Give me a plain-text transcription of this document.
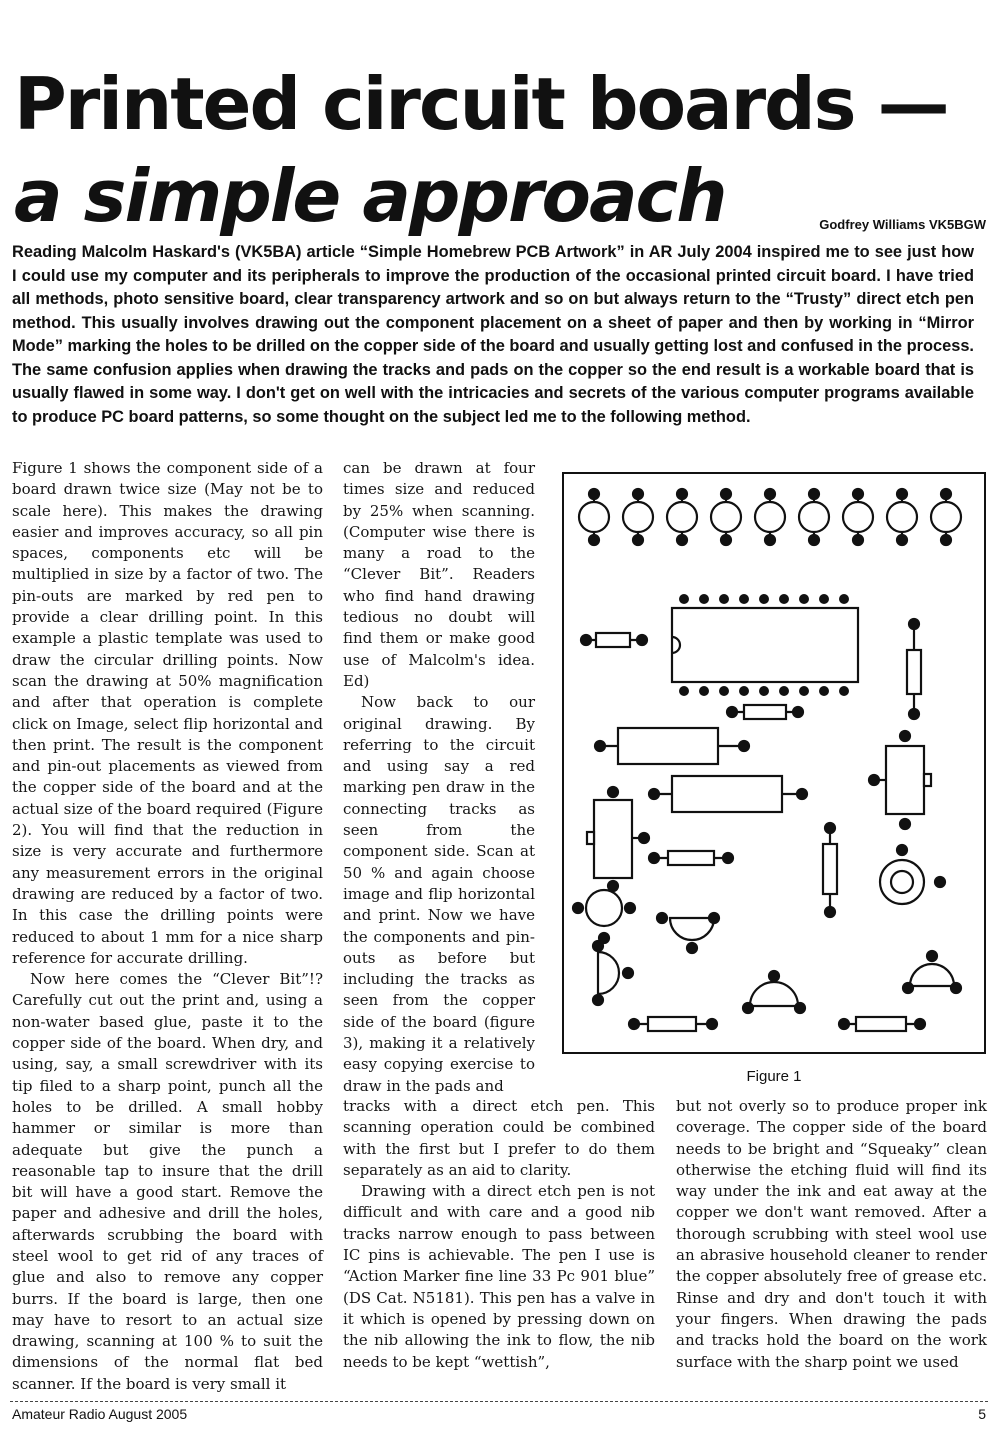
Printed circuit boards —
a simple approach	Godfrey Williams VK5BGW

Reading Malcolm Haskard's (VK5BA) article “Simple Homebrew PCB Artwork” in AR July 2004 inspired me to see just how I could use my computer and its peripherals to improve the production of the occasional printed circuit board. I have tried all methods, photo sensitive board, clear transparency artwork and so on but always return to the “Trusty” direct etch pen method. This usually involves drawing out the component placement on a sheet of paper and then by working in “Mirror Mode” marking the holes to be drilled on the copper side of the board and usually getting lost and confused in the process. The same confusion applies when drawing the tracks and pads on the copper so the end result is a workable board that is usually flawed in some way. I don't get on well with the intricacies and secrets of the various computer programs available to produce PC board patterns, so some thought on the subject led me to the following method.

Figure 1 shows the component side of a board drawn twice size (May not be to scale here). This makes the drawing easier and improves accuracy, so all pin spaces, components etc will be multiplied in size by a factor of two. The pin-outs are marked by red pen to provide a clear drilling point. In this example a plastic template was used to draw the circular drilling points. Now scan the drawing at 50% magnification and after that operation is complete click on Image, select flip horizontal and then print. The result is the component and pin-out placements as viewed from the copper side of the board and at the actual size of the board required (Figure 2). You will find that the reduction in size is very accurate and furthermore any measurement errors in the original drawing are reduced by a factor of two. In this case the drilling points were reduced to about 1 mm for a nice sharp reference for accurate drilling.

Now here comes the “Clever Bit”!? Carefully cut out the print and, using a non-water based glue, paste it to the copper side of the board. When dry, and using, say, a small screwdriver with its tip filed to a sharp point, punch all the holes to be drilled. A small hobby hammer or similar is more than adequate but give the punch a reasonable tap to insure that the drill bit will have a good start. Remove the paper and adhesive and drill the holes, afterwards scrubbing the board with steel wool to get rid of any traces of glue and also to remove any copper burrs. If the board is large, then one may have to resort to an actual size drawing, scanning at 100 % to suit the dimensions of the normal flat bed scanner. If the board is very small it

can be drawn at four times size and reduced by 25% when scanning. (Computer wise there is many a road to the “Clever Bit”. Readers who find hand drawing tedious no doubt will find them or make good use of Malcolm's idea. Ed)

Now back to our original drawing. By referring to the circuit and using say a red marking pen draw in the connecting tracks as seen from the component side. Scan at 50 % and again choose image and flip horizontal and print. Now we have the components and pin-outs as before but including the tracks as seen from the copper side of the board (figure 3), making it a relatively easy copying exercise to draw in the pads and

tracks with a direct etch pen. This scanning operation could be combined with the first but I prefer to do them separately as an aid to clarity.

Drawing with a direct etch pen is not difficult and with care and a good nib tracks narrow enough to pass between IC pins is achievable. The pen I use is “Action Marker fine line 33 Pc 901 blue” (DS Cat. N5181). This pen has a valve in it which is opened by pressing down on the nib allowing the ink to flow, the nib needs to be kept “wettish”,

but not overly so to produce proper ink coverage. The copper side of the board needs to be bright and “Squeaky” clean otherwise the etching fluid will find its way under the ink and eat away at the copper we don't want removed. After a thorough scrubbing with steel wool use an abrasive household cleaner to render the copper absolutely free of grease etc. Rinse and dry and don't touch it with your fingers. When drawing the pads and tracks hold the board on the work surface with the sharp point we used

Figure 1
Amateur Radio August 2005	5
